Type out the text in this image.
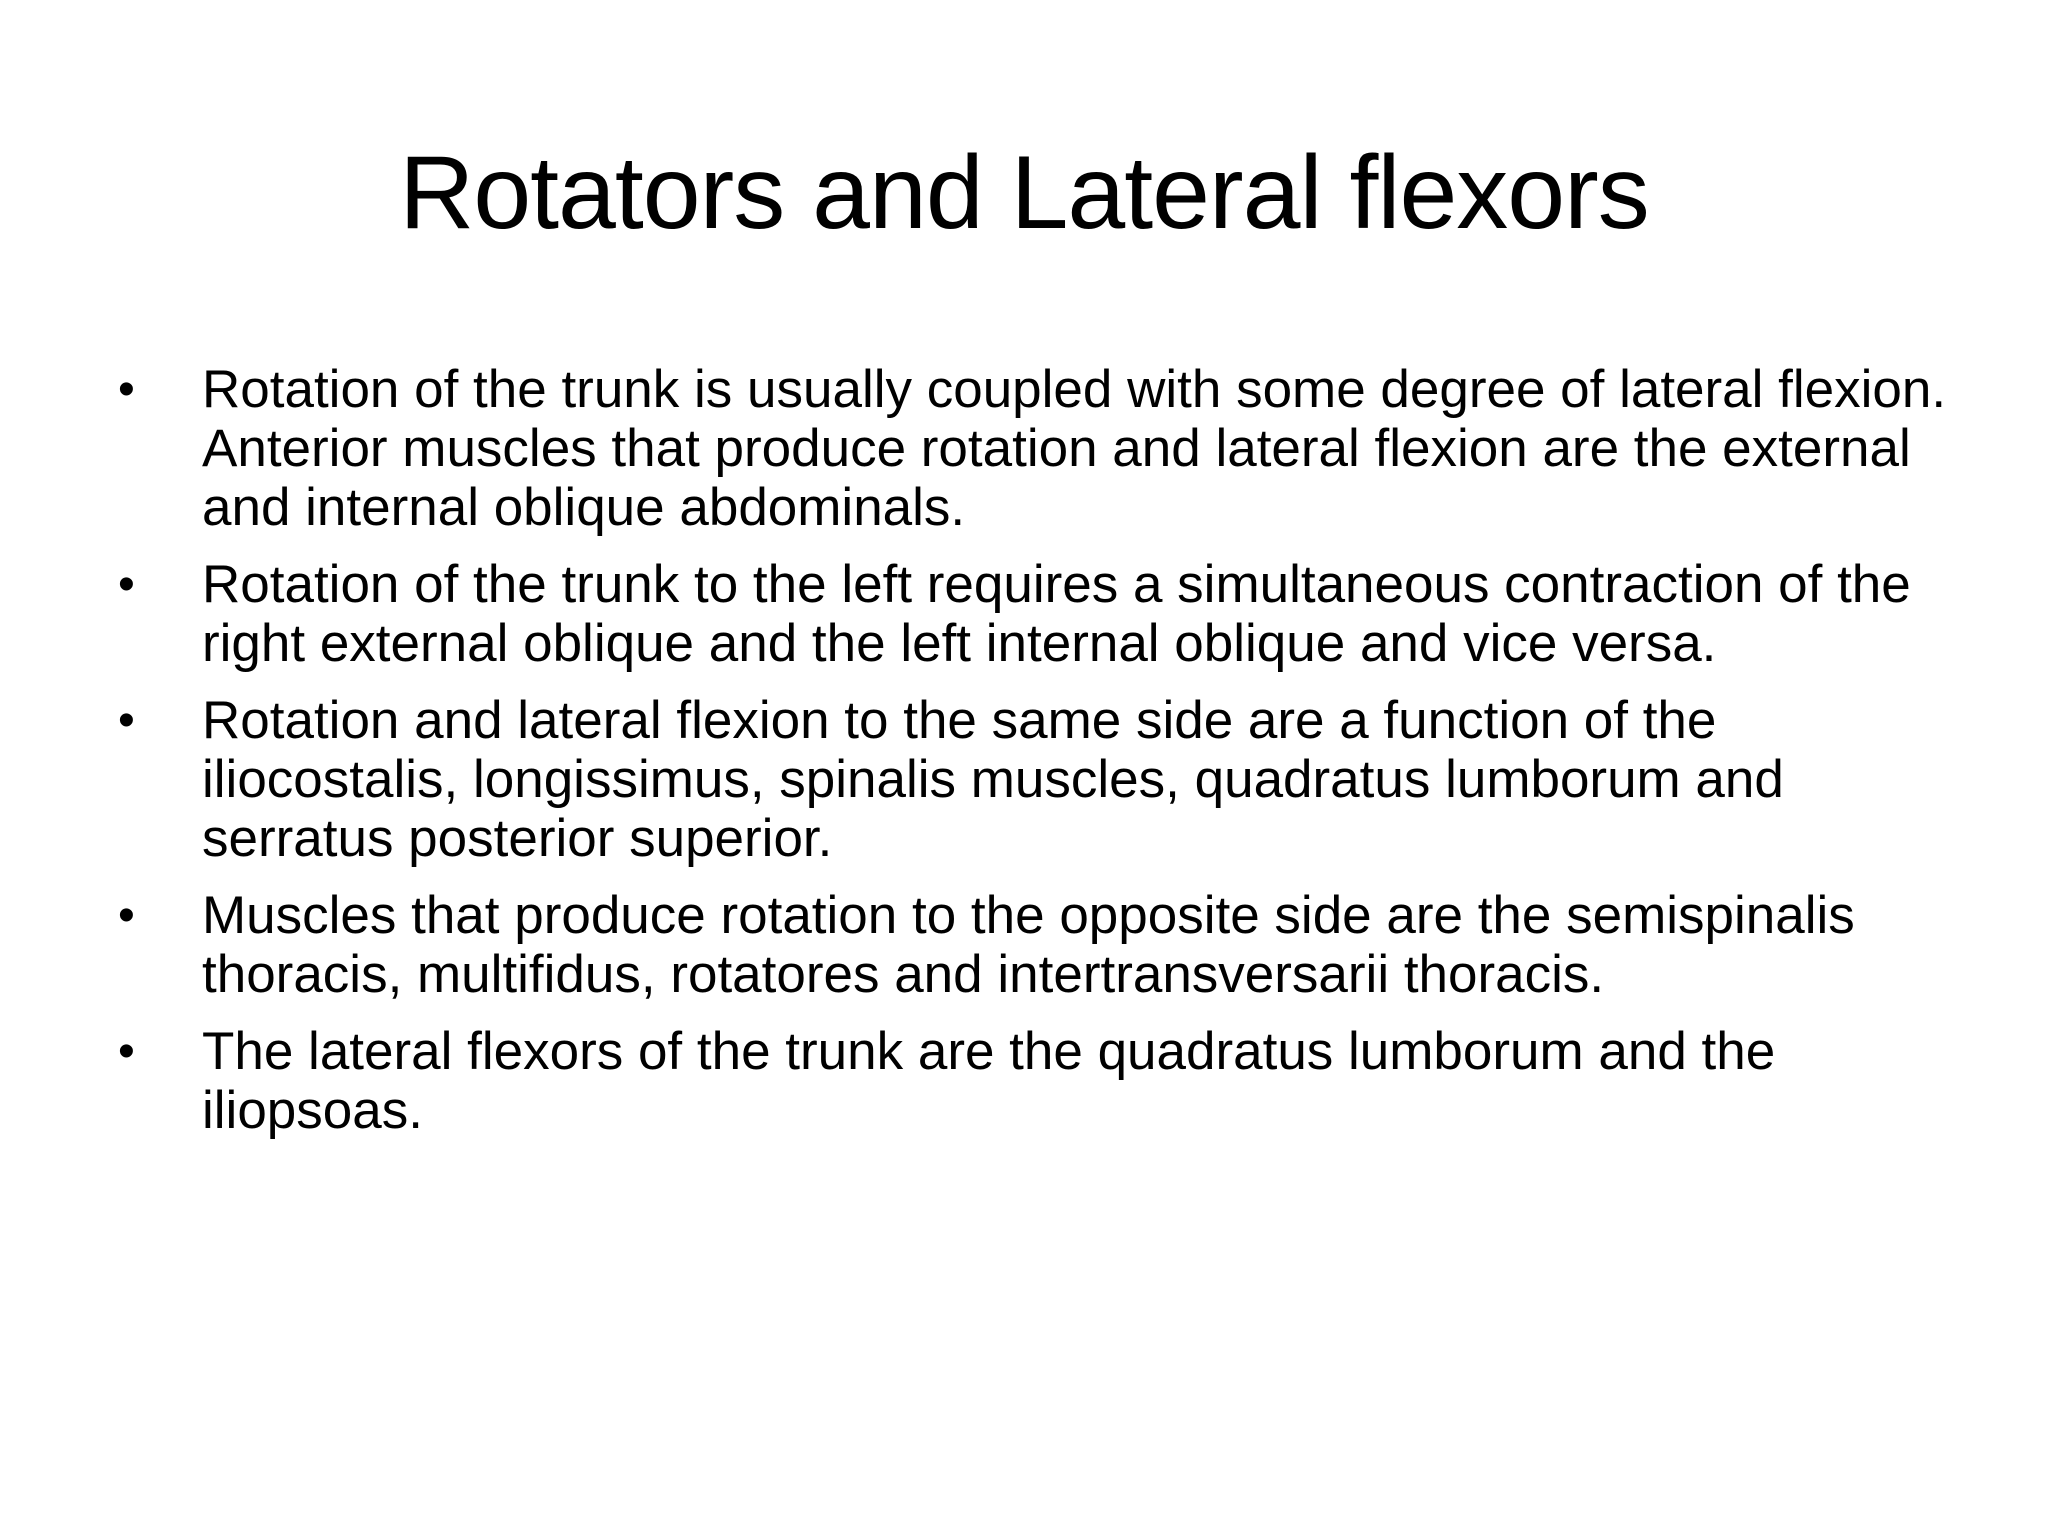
Rotators and Lateral flexors
•	Rotation of the trunk is usually coupled with some degree of lateral flexion. Anterior muscles that produce rotation and lateral flexion are the external and internal oblique abdominals.
•	Rotation of the trunk to the left requires a simultaneous contraction of the right external oblique and the left internal oblique and vice versa.
•	Rotation and lateral flexion to the same side are a function of the iliocostalis, longissimus, spinalis muscles, quadratus lumborum and serratus posterior superior.
•	Muscles that produce rotation to the opposite side are the semispinalis thoracis, multifidus, rotatores and intertransversarii thoracis.
•	The lateral flexors of the trunk are the quadratus lumborum and the iliopsoas.
